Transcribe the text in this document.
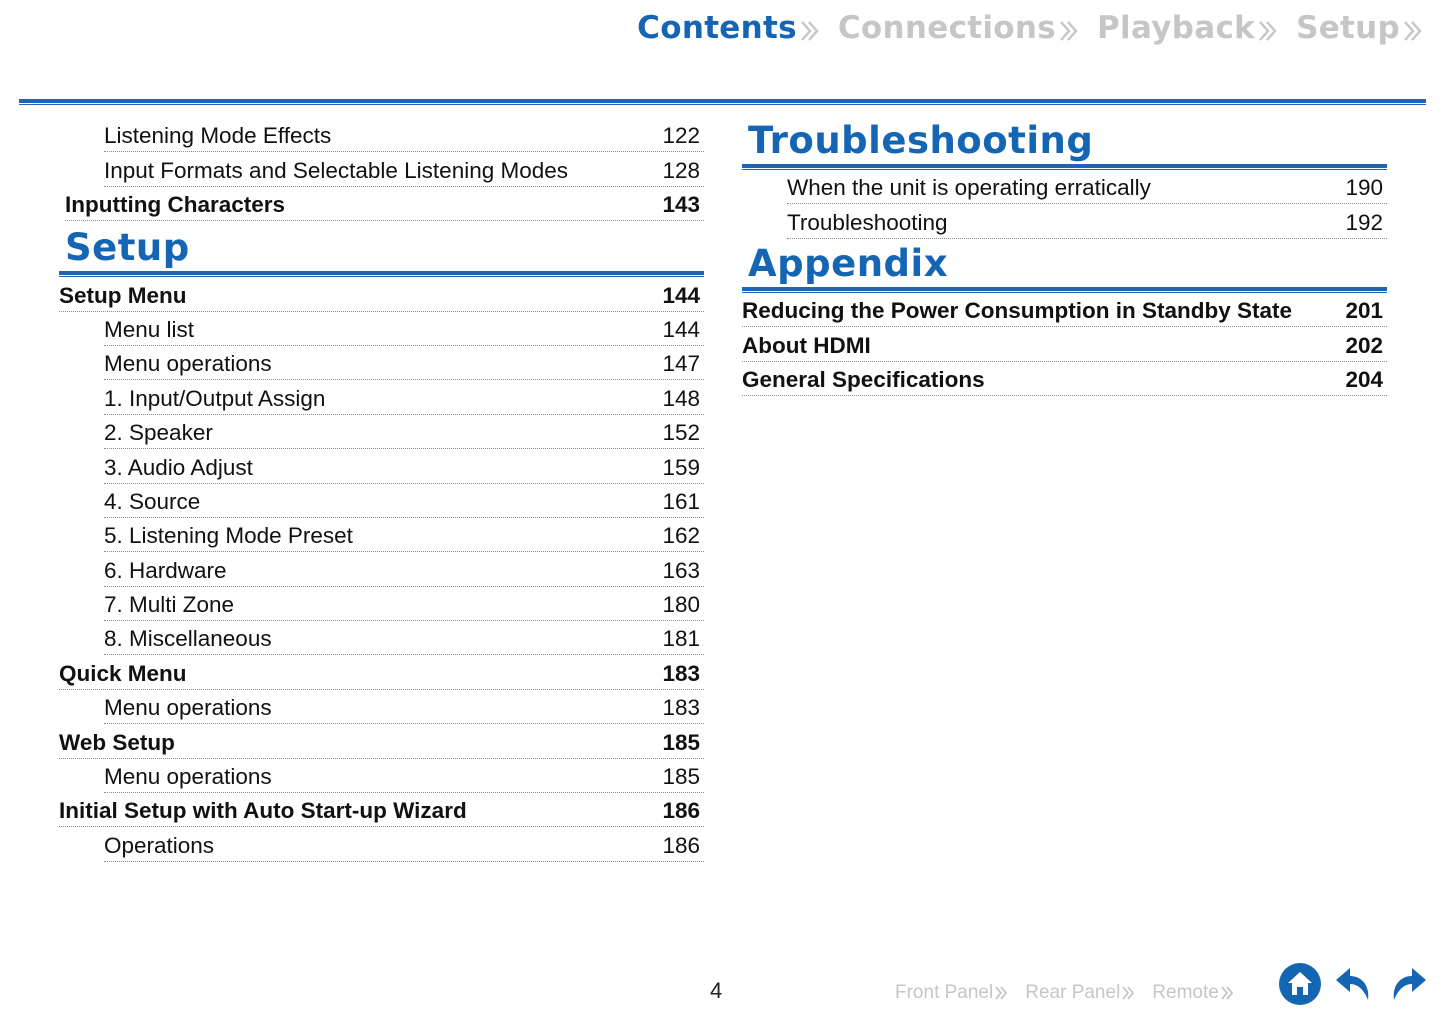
Contents Connections Playback Setup
Listening Mode Effects	122
Input Formats and Selectable Listening Modes	128
Inputting Characters	143
Setup
Setup Menu	144
Menu list	144
Menu operations	147
1. Input/Output Assign	148
2. Speaker	152
3. Audio Adjust	159
4. Source	161
5. Listening Mode Preset	162
6. Hardware	163
7. Multi Zone	180
8. Miscellaneous	181
Quick Menu	183
Menu operations	183
Web Setup	185
Menu operations	185
Initial Setup with Auto Start-up Wizard	186
Operations	186
Troubleshooting
When the unit is operating erratically	190
Troubleshooting	192
Appendix
Reducing the Power Consumption in Standby State	201
About HDMI	202
General Specifications	204
4	Front Panel Rear Panel Remote
